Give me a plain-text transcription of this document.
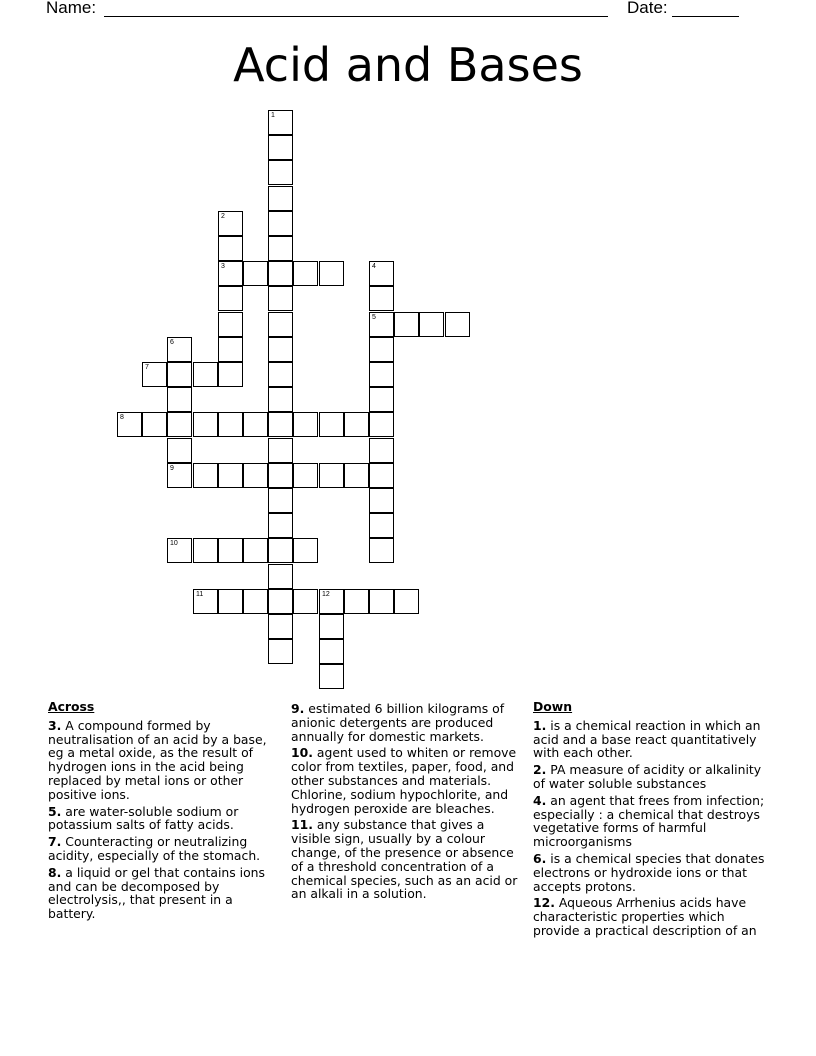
Name:	Date:
Acid and Bases
1
2
3	4
5
6
7
8
9
10
11	12
Across
3. A compound formed by neutralisation of an acid by a base, eg a metal oxide, as the result of hydrogen ions in the acid being replaced by metal ions or other positive ions.
5. are water-soluble sodium or potassium salts of fatty acids.
7. Counteracting or neutralizing acidity, especially of the stomach.
8. a liquid or gel that contains ions and can be decomposed by electrolysis,, that present in a battery.
9. estimated 6 billion kilograms of anionic detergents are produced annually for domestic markets.
10. agent used to whiten or remove color from textiles, paper, food, and other substances and materials. Chlorine, sodium hypochlorite, and hydrogen peroxide are bleaches.
11. any substance that gives a visible sign, usually by a colour change, of the presence or absence of a threshold concentration of a chemical species, such as an acid or an alkali in a solution.
Down
1. is a chemical reaction in which an acid and a base react quantitatively with each other.
2. PA measure of acidity or alkalinity of water soluble substances
4. an agent that frees from infection; especially : a chemical that destroys vegetative forms of harmful microorganisms
6. is a chemical species that donates electrons or hydroxide ions or that accepts protons.
12. Aqueous Arrhenius acids have characteristic properties which provide a practical description of an
